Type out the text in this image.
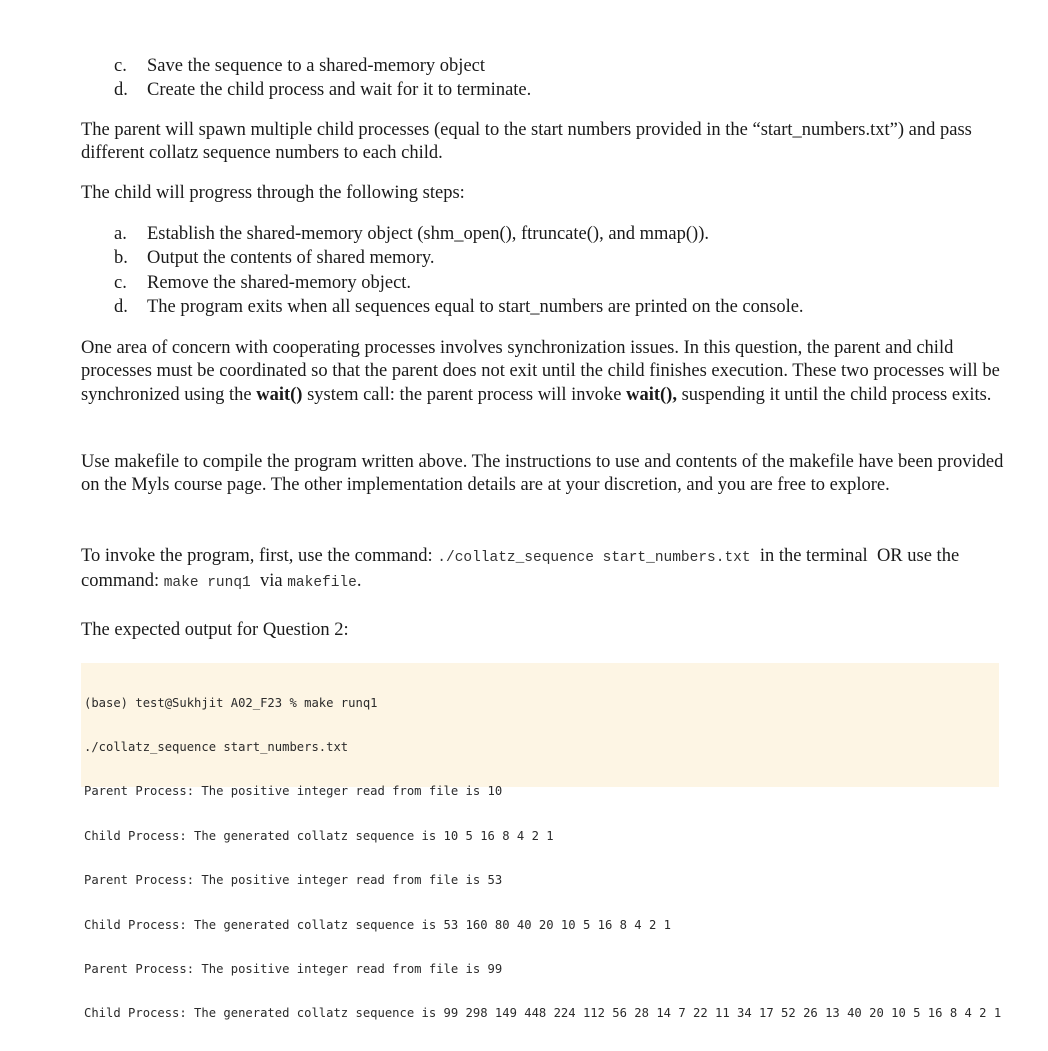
c.	Save the sequence to a shared-memory object
d.	Create the child process and wait for it to terminate.

The parent will spawn multiple child processes (equal to the start numbers provided in the “start_numbers.txt”) and pass different collatz sequence numbers to each child.

The child will progress through the following steps:

a.	Establish the shared-memory object (shm_open(), ftruncate(), and mmap()).
b.	Output the contents of shared memory.
c.	Remove the shared-memory object.
d.	The program exits when all sequences equal to start_numbers are printed on the console.

One area of concern with cooperating processes involves synchronization issues. In this question, the parent and child processes must be coordinated so that the parent does not exit until the child finishes execution. These two processes will be synchronized using the wait() system call: the parent process will invoke wait(), suspending it until the child process exits.

Use makefile to compile the program written above. The instructions to use and contents of the makefile have been provided on the Myls course page. The other implementation details are at your discretion, and you are free to explore.

To invoke the program, first, use the command: ./collatz_sequence start_numbers.txt  in the terminal  OR use the command: make runq1  via makefile.

The expected output for Question 2:

(base) test@Sukhjit A02_F23 % make runq1

./collatz_sequence start_numbers.txt

Parent Process: The positive integer read from file is 10

Child Process: The generated collatz sequence is 10 5 16 8 4 2 1

Parent Process: The positive integer read from file is 53

Child Process: The generated collatz sequence is 53 160 80 40 20 10 5 16 8 4 2 1

Parent Process: The positive integer read from file is 99

Child Process: The generated collatz sequence is 99 298 149 448 224 112 56 28 14 7 22 11 34 17 52 26 13 40 20 10 5 16 8 4 2 1
